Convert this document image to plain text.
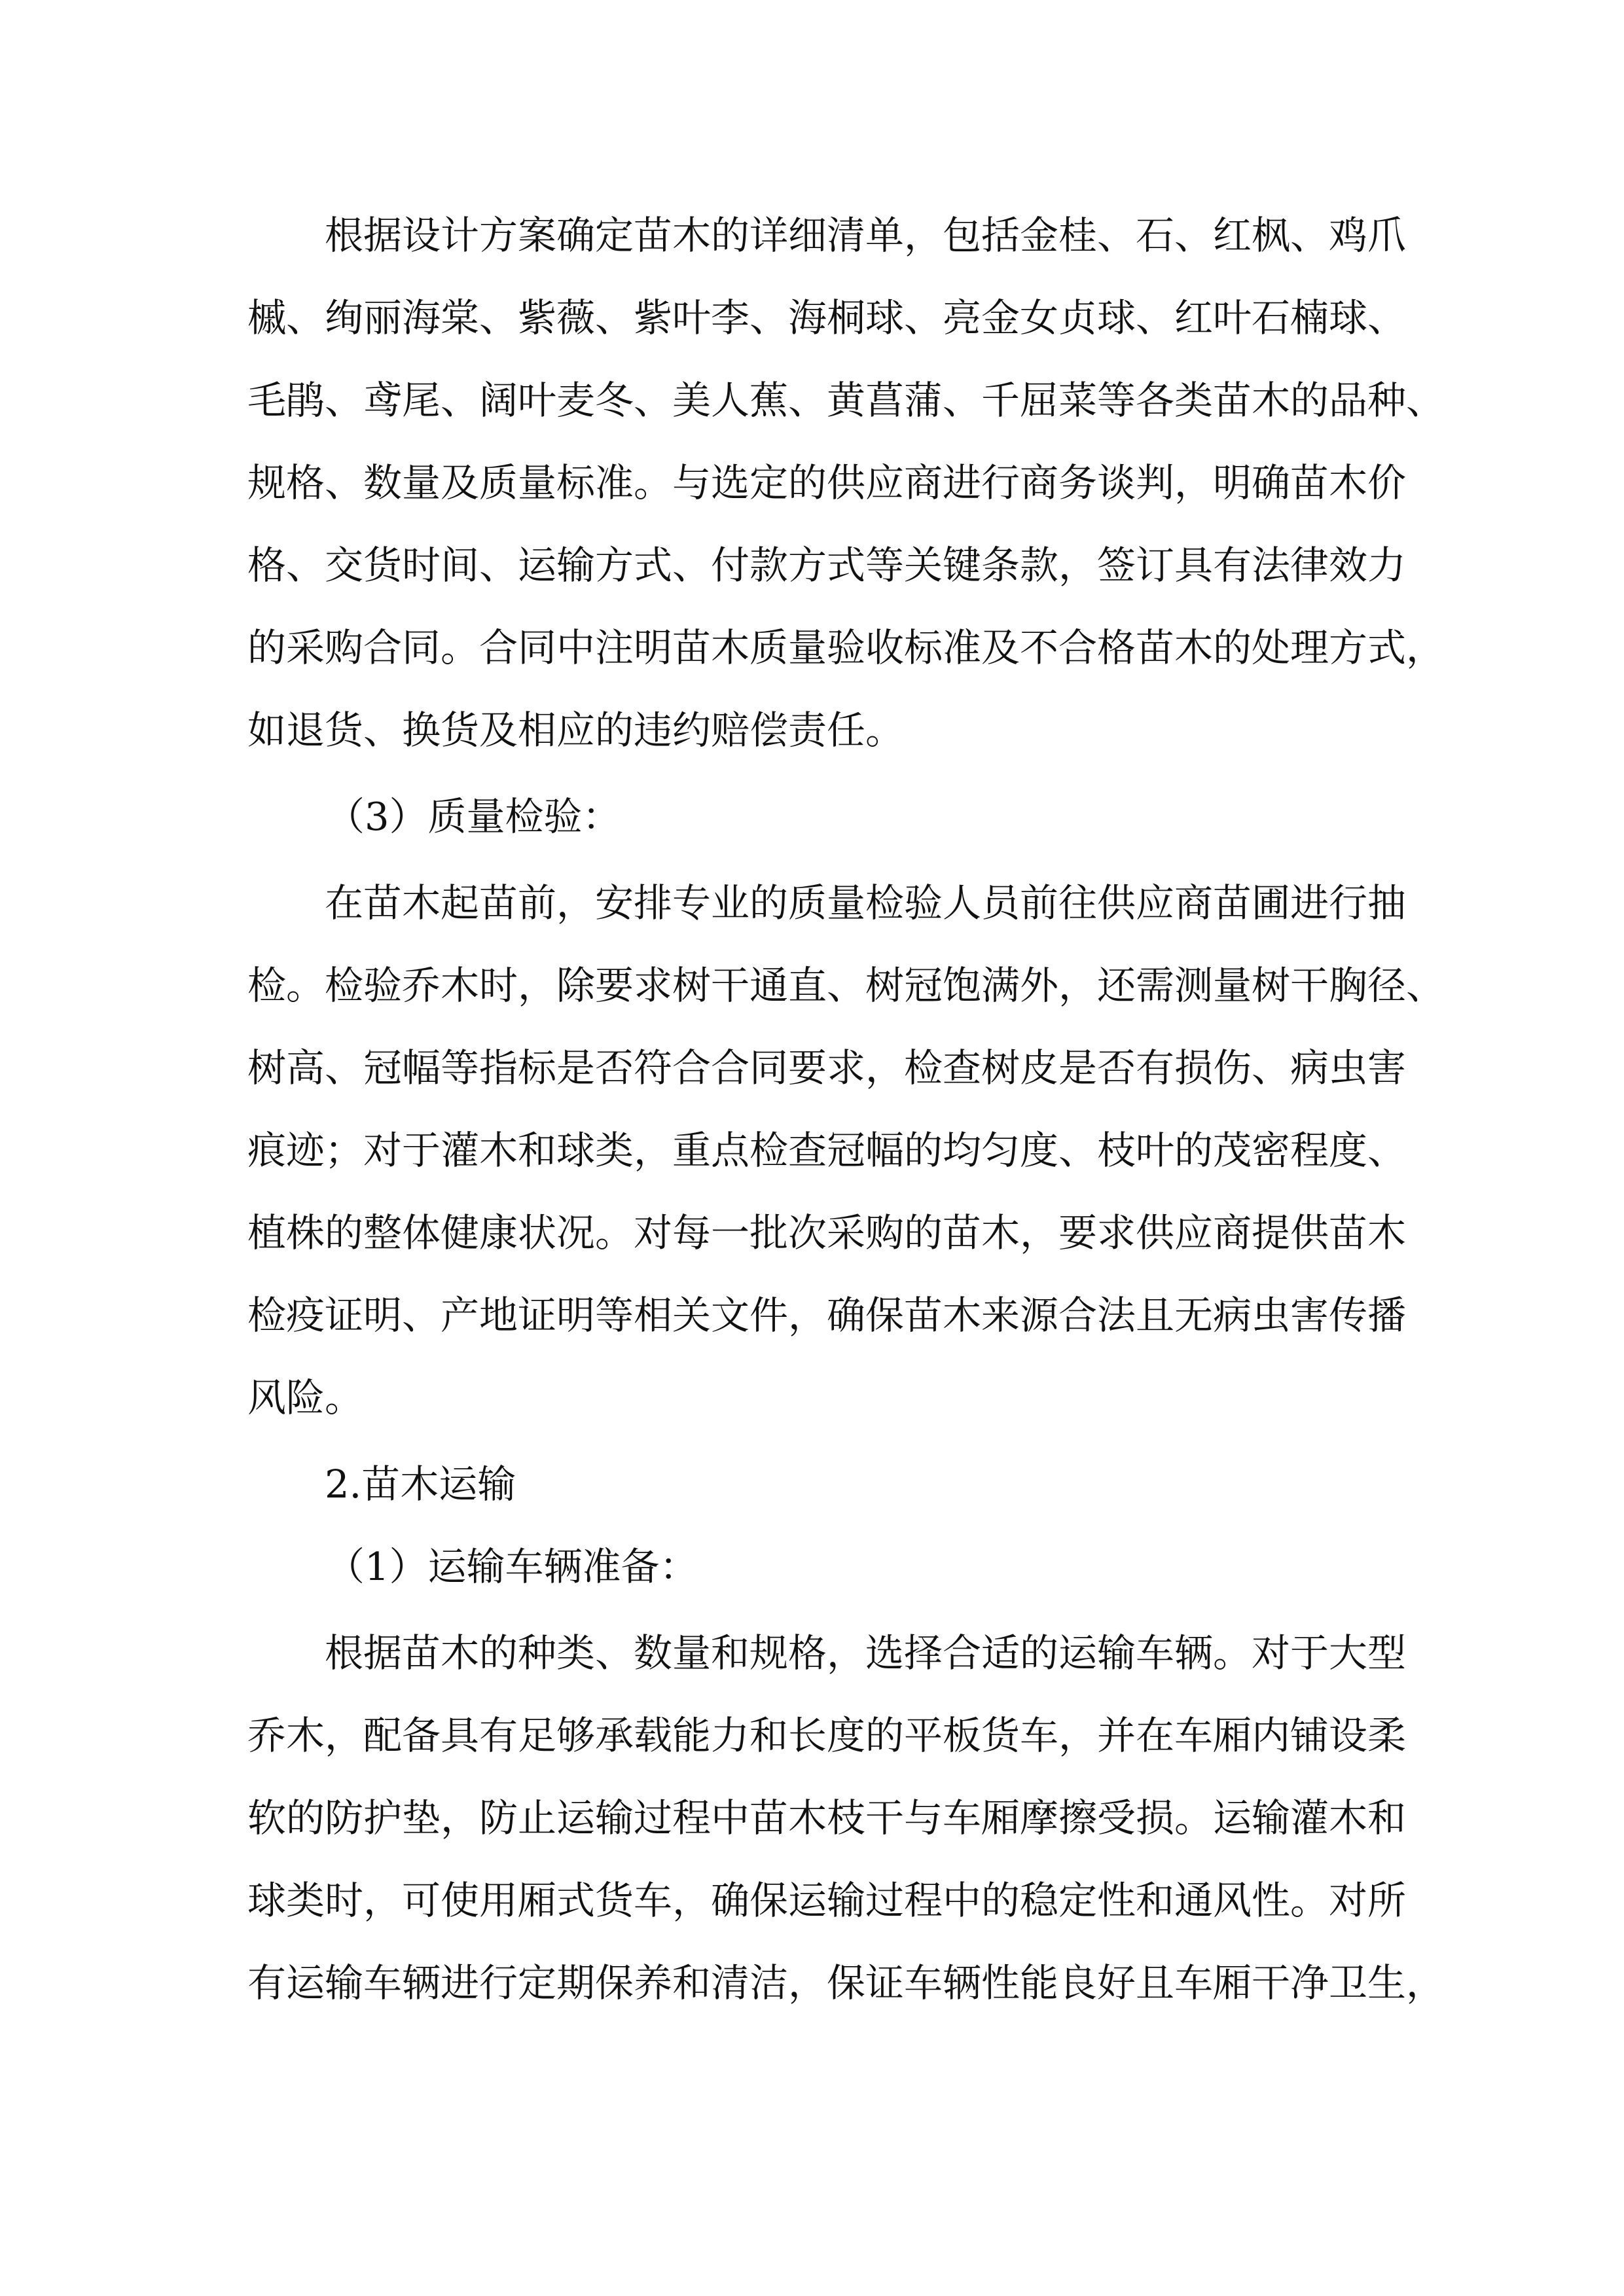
根据设计方案确定苗木的详细清单，包括金桂、石、红枫、鸡爪
槭、绚丽海棠、紫薇、紫叶李、海桐球、亮金女贞球、红叶石楠球、
毛鹃、鸢尾、阔叶麦冬、美人蕉、黄菖蒲、千屈菜等各类苗木的品种、
规格、数量及质量标准。与选定的供应商进行商务谈判，明确苗木价
格、交货时间、运输方式、付款方式等关键条款，签订具有法律效力
的采购合同。合同中注明苗木质量验收标准及不合格苗木的处理方式，
如退货、换货及相应的违约赔偿责任。
（3）质量检验：
在苗木起苗前，安排专业的质量检验人员前往供应商苗圃进行抽
检。检验乔木时，除要求树干通直、树冠饱满外，还需测量树干胸径、
树高、冠幅等指标是否符合合同要求，检查树皮是否有损伤、病虫害
痕迹；对于灌木和球类，重点检查冠幅的均匀度、枝叶的茂密程度、
植株的整体健康状况。对每一批次采购的苗木，要求供应商提供苗木
检疫证明、产地证明等相关文件，确保苗木来源合法且无病虫害传播
风险。
2.苗木运输
（1）运输车辆准备：
根据苗木的种类、数量和规格，选择合适的运输车辆。对于大型
乔木，配备具有足够承载能力和长度的平板货车，并在车厢内铺设柔
软的防护垫，防止运输过程中苗木枝干与车厢摩擦受损。运输灌木和
球类时，可使用厢式货车，确保运输过程中的稳定性和通风性。对所
有运输车辆进行定期保养和清洁，保证车辆性能良好且车厢干净卫生，
